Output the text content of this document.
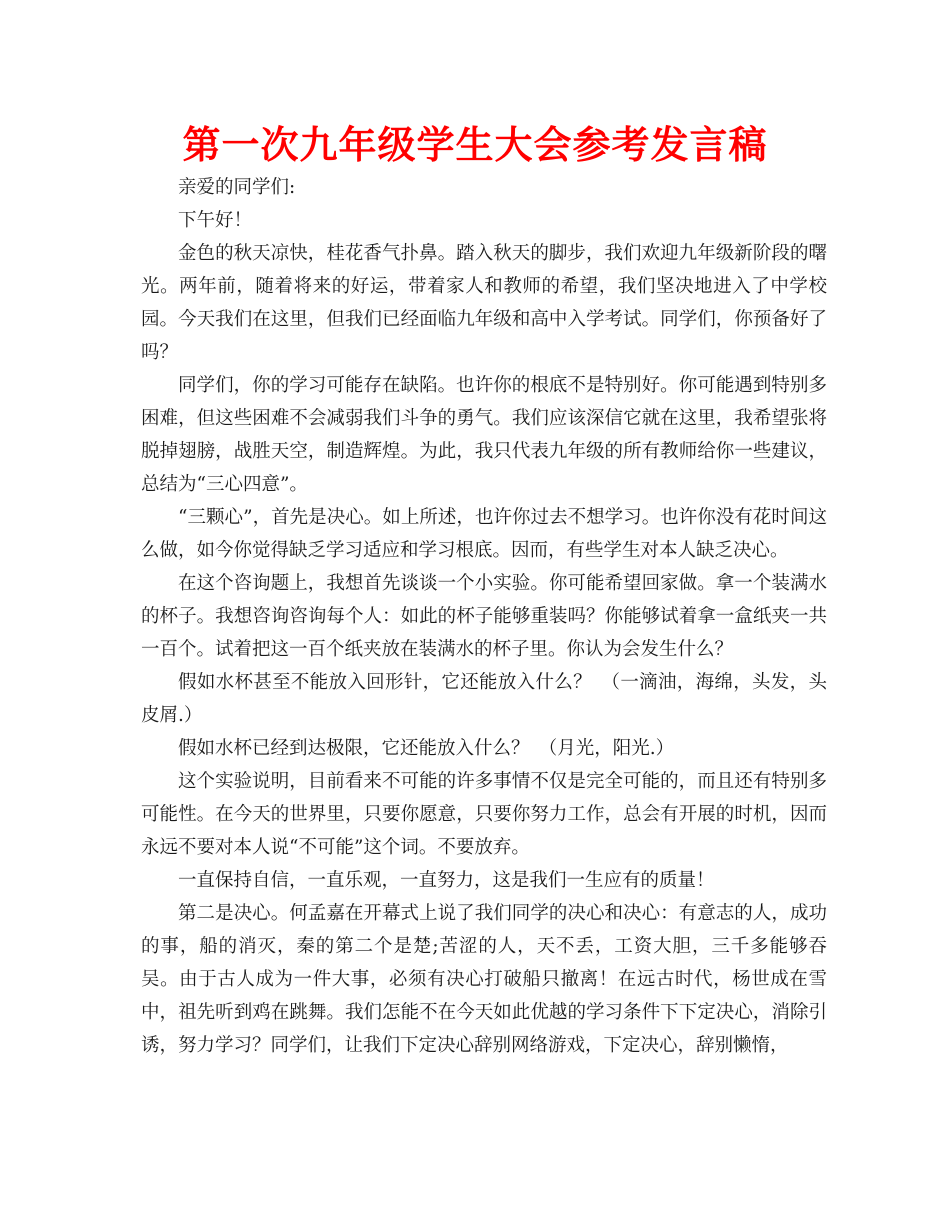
第一次九年级学生大会参考发言稿

亲爱的同学们:

下午好！

金色的秋天凉快，桂花香气扑鼻。踏入秋天的脚步，我们欢迎九年级新阶段的曙光。两年前，随着将来的好运，带着家人和教师的希望，我们坚决地进入了中学校园。今天我们在这里，但我们已经面临九年级和高中入学考试。同学们，你预备好了吗？

同学们，你的学习可能存在缺陷。也许你的根底不是特别好。你可能遇到特别多困难，但这些困难不会减弱我们斗争的勇气。我们应该深信它就在这里，我希望张将脱掉翅膀，战胜天空，制造辉煌。为此，我只代表九年级的所有教师给你一些建议，总结为“三心四意”。

“三颗心”，首先是决心。如上所述，也许你过去不想学习。也许你没有花时间这么做，如今你觉得缺乏学习适应和学习根底。因而，有些学生对本人缺乏决心。

在这个咨询题上，我想首先谈谈一个小实验。你可能希望回家做。拿一个装满水的杯子。我想咨询咨询每个人：如此的杯子能够重装吗？你能够试着拿一盒纸夹一共一百个。试着把这一百个纸夹放在装满水的杯子里。你认为会发生什么？

假如水杯甚至不能放入回形针，它还能放入什么？　（一滴油，海绵，头发，头皮屑.）

假如水杯已经到达极限，它还能放入什么？　（月光，阳光.）

这个实验说明，目前看来不可能的许多事情不仅是完全可能的，而且还有特别多可能性。在今天的世界里，只要你愿意，只要你努力工作，总会有开展的时机，因而永远不要对本人说“不可能”这个词。不要放弃。

一直保持自信，一直乐观，一直努力，这是我们一生应有的质量！

第二是决心。何孟嘉在开幕式上说了我们同学的决心和决心：有意志的人，成功的事，船的消灭，秦的第二个是楚;苦涩的人，天不丢，工资大胆，三千多能够吞吴。由于古人成为一件大事，必须有决心打破船只撤离！在远古时代，杨世成在雪中，祖先听到鸡在跳舞。我们怎能不在今天如此优越的学习条件下下定决心，消除引诱，努力学习？同学们，让我们下定决心辞别网络游戏，下定决心，辞别懒惰，
